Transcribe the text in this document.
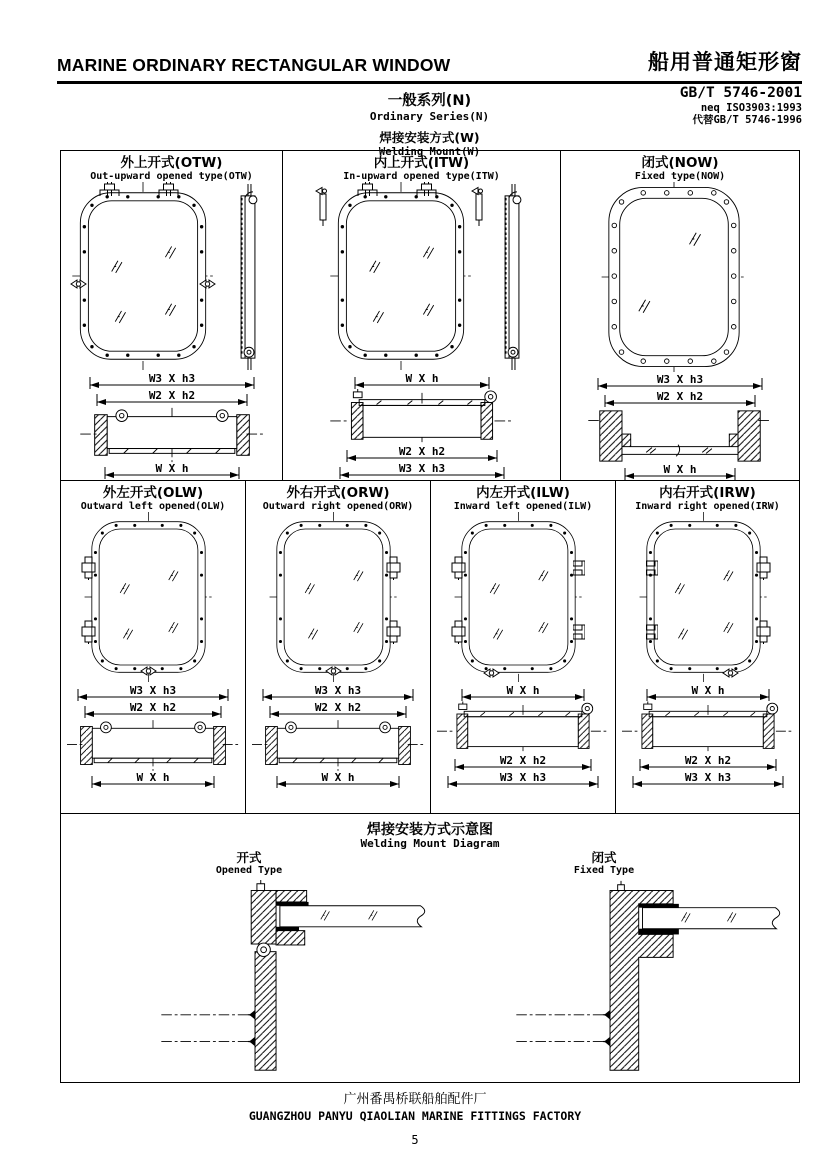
MARINE ORDINARY RECTANGULAR WINDOW	船用普通矩形窗
一般系列(N)
Ordinary Series(N)
焊接安装方式(W)
Welding Mount(W)
GB/T 5746-2001
neq ISO3903:1993
代替GB/T 5746-1996
外上开式(OTW)
Out-upward opened type(OTW)
W3 X h3
W2 X h2
W X h
内上开式(ITW)
In-upward opened type(ITW)
W X h
W2 X h2
W3 X h3
闭式(NOW)
Fixed type(NOW)
W3 X h3
W2 X h2
W X h
外左开式(OLW)
Outward left opened(OLW)
W3 X h3
W2 X h2
W X h
外右开式(ORW)
Outward right opened(ORW)
W3 X h3
W2 X h2
W X h
内左开式(ILW)
Inward left opened(ILW)
W X h
W2 X h2
W3 X h3
内右开式(IRW)
Inward right opened(IRW)
W X h
W2 X h2
W3 X h3
焊接安装方式示意图
Welding Mount Diagram
开式
Opened Type
闭式
Fixed Type
广州番禺桥联船舶配件厂
GUANGZHOU PANYU QIAOLIAN MARINE FITTINGS FACTORY
5
